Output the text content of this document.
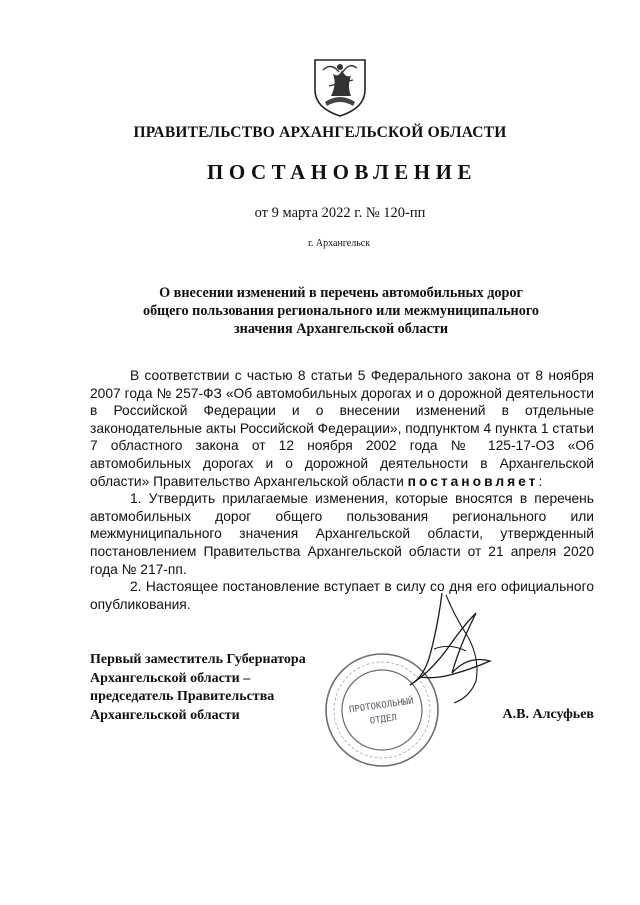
ПРАВИТЕЛЬСТВО АРХАНГЕЛЬСКОЙ ОБЛАСТИ
ПОСТАНОВЛЕНИЕ
от 9 марта 2022 г. № 120-пп
г. Архангельск
О внесении изменений в перечень автомобильных дорог
общего пользования регионального или межмуниципального
значения Архангельской области

В соответствии с частью 8 статьи 5 Федерального закона от 8 ноября 2007 года № 257-ФЗ «Об автомобильных дорогах и о дорожной деятельности в Российской Федерации и о внесении изменений в отдельные законодательные акты Российской Федерации», подпунктом 4 пункта 1 статьи 7 областного закона от 12 ноября 2002 года № 125-17-ОЗ «Об автомобильных дорогах и о дорожной деятельности в Архангельской области» Правительство Архангельской области постановляет:

1. Утвердить прилагаемые изменения, которые вносятся в перечень автомобильных дорог общего пользования регионального или межмуниципального значения Архангельской области, утвержденный постановлением Правительства Архангельской области от 21 апреля 2020 года № 217-пп.

2. Настоящее постановление вступает в силу со дня его официального опубликования.

Первый заместитель Губернатора
Архангельской области –
председатель Правительства
Архангельской области	А.В. Алсуфьев
ПРОТОКОЛЬНЫЙ
ОТДЕЛ
